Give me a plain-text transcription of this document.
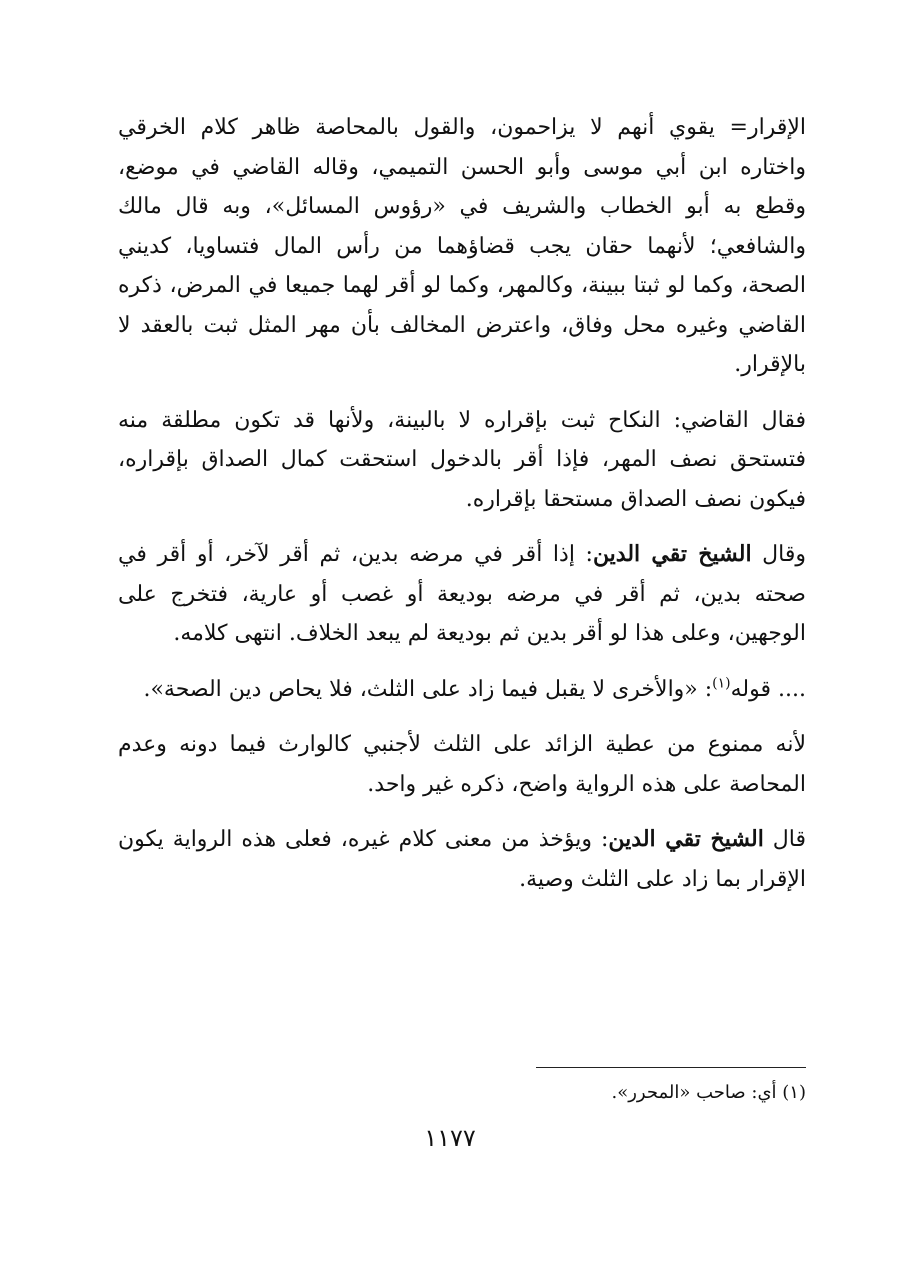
الإقرار= يقوي أنهم لا يزاحمون، والقول بالمحاصة ظاهر كلام الخرقي واختاره ابن أبي موسى وأبو الحسن التميمي، وقاله القاضي في موضع، وقطع به أبو الخطاب والشريف في «رؤوس المسائل»، وبه قال مالك والشافعي؛ لأنهما حقان يجب قضاؤهما من رأس المال فتساويا، كديني الصحة، وكما لو ثبتا ببينة، وكالمهر، وكما لو أقر لهما جميعا في المرض، ذكره القاضي وغيره محل وفاق، واعترض المخالف بأن مهر المثل ثبت بالعقد لا بالإقرار.

فقال القاضي: النكاح ثبت بإقراره لا بالبينة، ولأنها قد تكون مطلقة منه فتستحق نصف المهر، فإذا أقر بالدخول استحقت كمال الصداق بإقراره، فيكون نصف الصداق مستحقا بإقراره.

وقال الشيخ تقي الدين: إذا أقر في مرضه بدين، ثم أقر لآخر، أو أقر في صحته بدين، ثم أقر في مرضه بوديعة أو غصب أو عارية، فتخرج على الوجهين، وعلى هذا لو أقر بدين ثم بوديعة لم يبعد الخلاف. انتهى كلامه.

.... قوله$^{(١)}$: «والأخرى لا يقبل فيما زاد على الثلث، فلا يحاص دين الصحة».

لأنه ممنوع من عطية الزائد على الثلث لأجنبي كالوارث فيما دونه وعدم المحاصة على هذه الرواية واضح، ذكره غير واحد.

قال الشيخ تقي الدين: ويؤخذ من معنى كلام غيره، فعلى هذه الرواية يكون الإقرار بما زاد على الثلث وصية.

(١) أي: صاحب «المحرر».
١١٧٧
